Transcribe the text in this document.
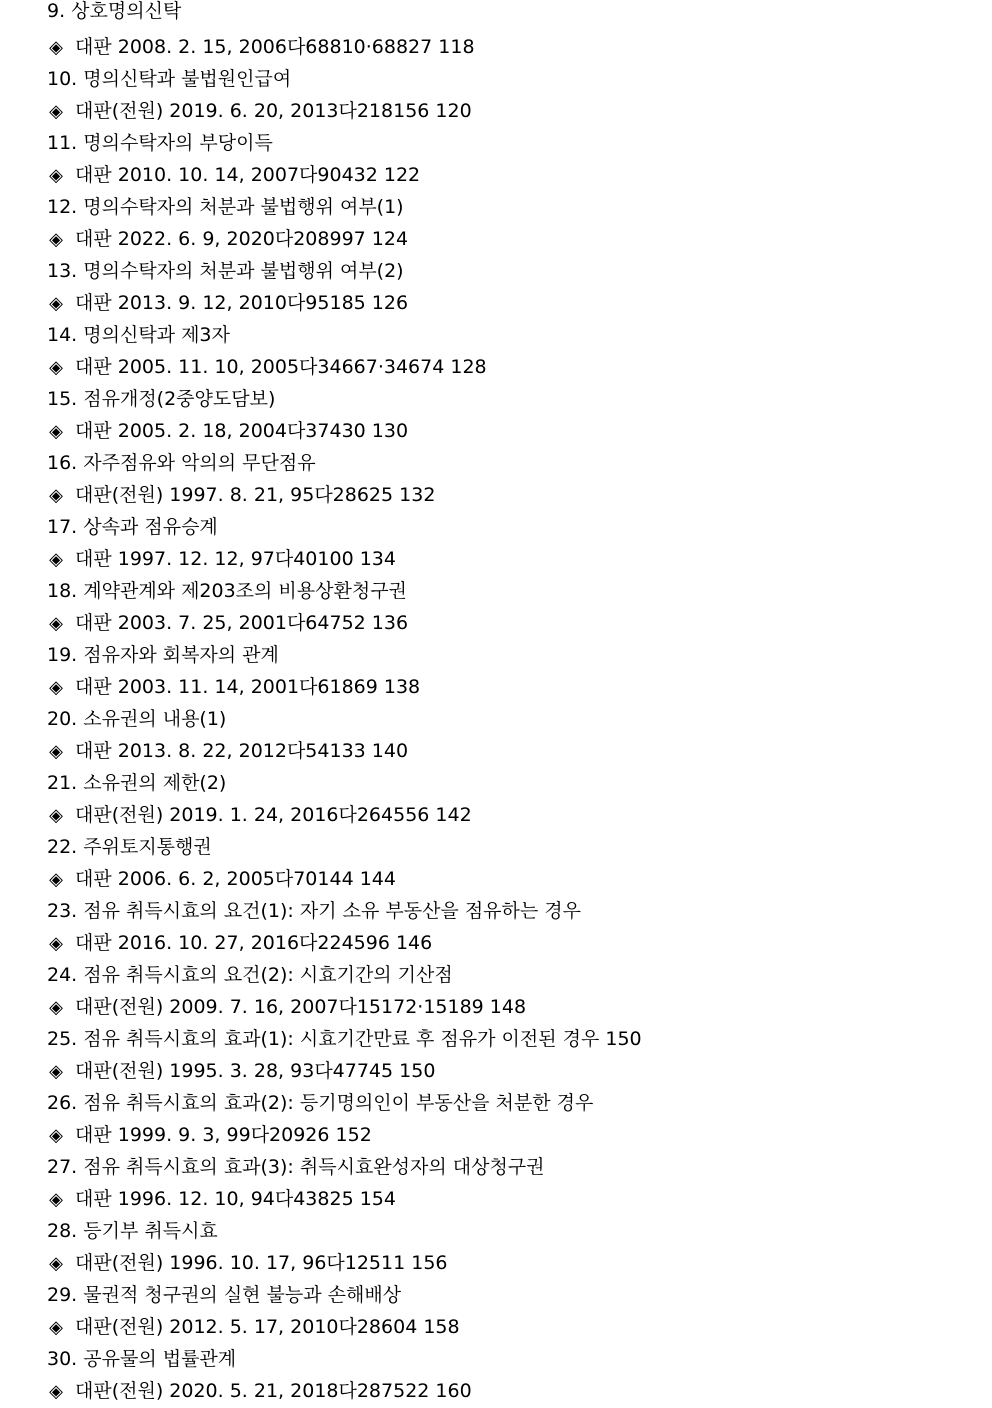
9. 상호명의신탁
◈ 대판 2008. 2. 15, 2006다68810·68827 118
10. 명의신탁과 불법원인급여
◈ 대판(전원) 2019. 6. 20, 2013다218156 120
11. 명의수탁자의 부당이득
◈ 대판 2010. 10. 14, 2007다90432 122
12. 명의수탁자의 처분과 불법행위 여부(1)
◈ 대판 2022. 6. 9, 2020다208997 124
13. 명의수탁자의 처분과 불법행위 여부(2)
◈ 대판 2013. 9. 12, 2010다95185 126
14. 명의신탁과 제3자
◈ 대판 2005. 11. 10, 2005다34667·34674 128
15. 점유개정(2중양도담보)
◈ 대판 2005. 2. 18, 2004다37430 130
16. 자주점유와 악의의 무단점유
◈ 대판(전원) 1997. 8. 21, 95다28625 132
17. 상속과 점유승계
◈ 대판 1997. 12. 12, 97다40100 134
18. 계약관계와 제203조의 비용상환청구권
◈ 대판 2003. 7. 25, 2001다64752 136
19. 점유자와 회복자의 관계
◈ 대판 2003. 11. 14, 2001다61869 138
20. 소유권의 내용(1)
◈ 대판 2013. 8. 22, 2012다54133 140
21. 소유권의 제한(2)
◈ 대판(전원) 2019. 1. 24, 2016다264556 142
22. 주위토지통행권
◈ 대판 2006. 6. 2, 2005다70144 144
23. 점유 취득시효의 요건(1): 자기 소유 부동산을 점유하는 경우
◈ 대판 2016. 10. 27, 2016다224596 146
24. 점유 취득시효의 요건(2): 시효기간의 기산점
◈ 대판(전원) 2009. 7. 16, 2007다15172·15189 148
25. 점유 취득시효의 효과(1): 시효기간만료 후 점유가 이전된 경우 150
◈ 대판(전원) 1995. 3. 28, 93다47745 150
26. 점유 취득시효의 효과(2): 등기명의인이 부동산을 처분한 경우
◈ 대판 1999. 9. 3, 99다20926 152
27. 점유 취득시효의 효과(3): 취득시효완성자의 대상청구권
◈ 대판 1996. 12. 10, 94다43825 154
28. 등기부 취득시효
◈ 대판(전원) 1996. 10. 17, 96다12511 156
29. 물권적 청구권의 실현 불능과 손해배상
◈ 대판(전원) 2012. 5. 17, 2010다28604 158
30. 공유물의 법률관계
◈ 대판(전원) 2020. 5. 21, 2018다287522 160
